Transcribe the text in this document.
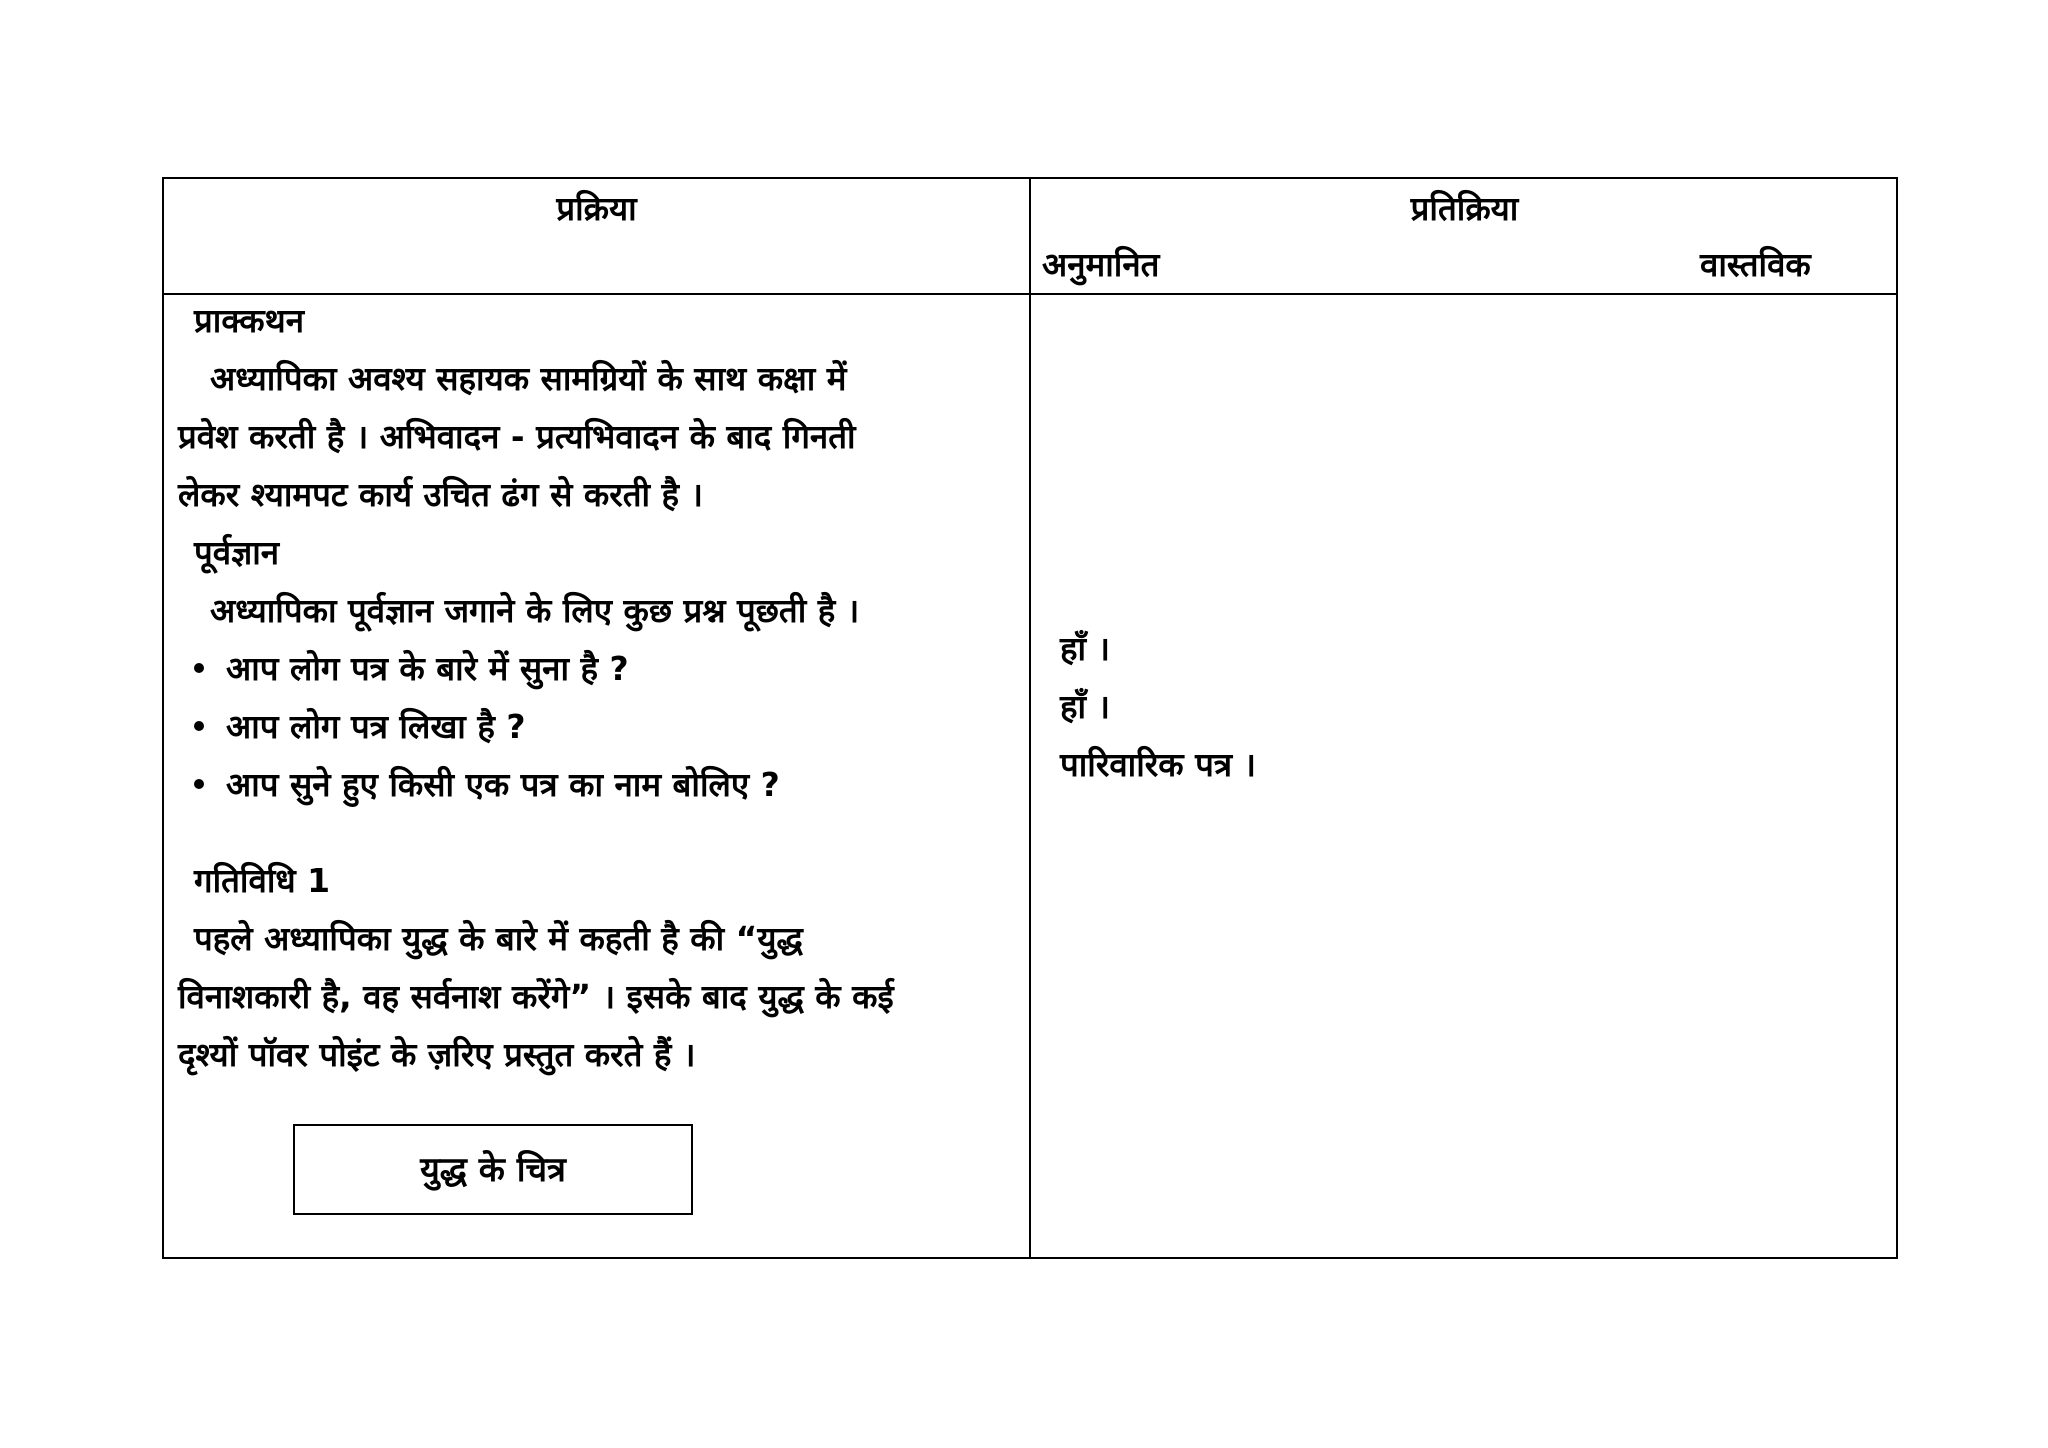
प्रक्रिया	प्रतिक्रिया
अनुमानित	वास्तविक
प्राक्कथन
अध्यापिका अवश्य सहायक सामग्रियों के साथ कक्षा में
प्रवेश करती है । अभिवादन - प्रत्यभिवादन के बाद गिनती
लेकर श्यामपट कार्य उचित ढंग से करती है ।
पूर्वज्ञान
अध्यापिका पूर्वज्ञान जगाने के लिए कुछ प्रश्न पूछती है ।
आप लोग पत्र के बारे में सुना है ?
आप लोग पत्र लिखा है ?
आप सुने हुए किसी एक पत्र का नाम बोलिए ?
गतिविधि 1
पहले अध्यापिका युद्ध के बारे में कहती है की “युद्ध
विनाशकारी है, वह सर्वनाश करेंगे” । इसके बाद युद्ध के कई
दृश्यों पॉवर पोइंट के ज़रिए प्रस्तुत करते हैं ।
युद्ध के चित्र
हाँ ।
हाँ ।
पारिवारिक पत्र ।
